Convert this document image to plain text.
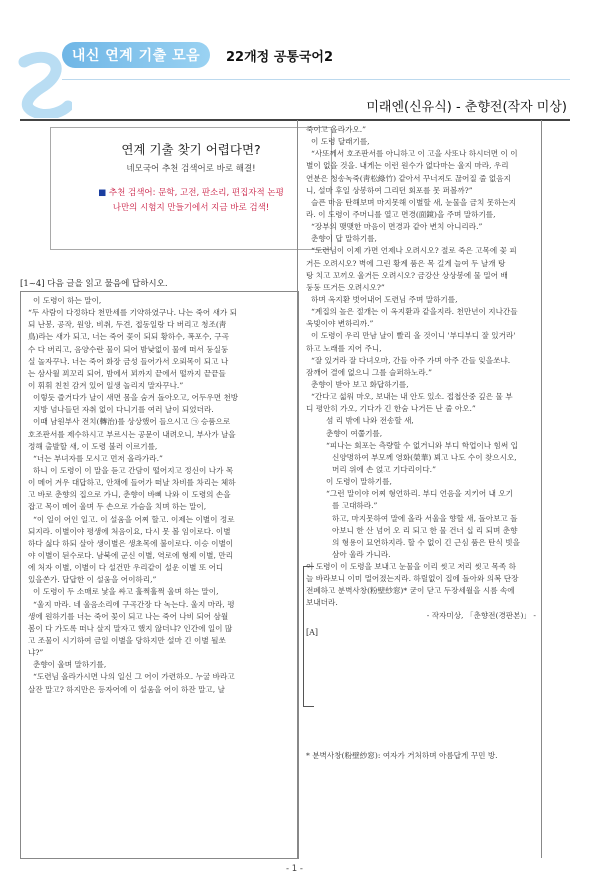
내신 연계 기출 모음	22개정 공통국어2
미래엔(신유식) - 춘향전(작자 미상)
연계 기출 찾기 어렵다면?
네모국어 추천 검색어로 바로 해결!
■ 추천 검색어: 문학, 고전, 판소리, 편집자적 논평
나만의 시험지 만들기에서 지금 바로 검색!
[1~4] 다음 글을 읽고 물음에 답하시오.
이 도령이 하는 말이,
“두 사람이 다정하다 천만세를 기약하였구나. 나는 죽어 새가 되
되 난봉, 공작, 원앙, 비취, 두견, 접동일랑 다 버리고 청조(靑
鳥)라는 새가 되고, 너는 죽어 꽃이 되되 황하수, 폭포수, 구곡
수 다 버리고, 음양수란 물이 되어 밤낮없이 물에 떠서 둥실둥
실 놀자꾸나. 너는 죽어 화장 금성 들어가서 오뢰목이 되고 나
는 삼사월 꾀꼬리 되어, 밤에서 꾀까지 끝에서 떨까지 끝끝들
이 휘휘 친친 감겨 있어 일생 놀리지 말자꾸나.”
이렇듯 즐거다가 날이 새면 몸을 숨겨 돌아오고, 어두우면 천방
지방 넘나들던 자취 없이 다니기를 여러 날이 되었더라.
이때 남원부사 전치(轉治)를 상상했어 들으시고 ㉠ 승품으로
호조판서를 제수하시고 부르시는 공문이 내려오니, 부사가 날을
정해 출발할 새, 이 도령 불러 이르기를,
“너는 부녀자를 모시고 먼저 올라가라.”
하니 이 도령이 이 말을 듣고 간담이 떨어지고 정신이 나가 목
이 메어 겨우 대답하고, 안채에 들어가 떠날 차비를 차리는 체하
고 바로 춘향의 집으로 가니, 춘향이 바삐 나와 이 도령의 손을
잡고 목이 메어 울며 두 손으로 가슴을 치며 하는 말이,
“이 일이 어인 일고. 이 설움을 어찌 할고. 이제는 이별이 정로
되지라. 이별이야 평생에 처음이요, 다시 못 볼 임이로다. 이별
하다 싫다 하되 살아 생이별은 생초목에 불이로다. 이승 이별이
야 이별이 된수로다. 남북에 군신 이별, 역로에 형제 이별, 만리
에 처자 이별, 이별이 다 설건만 우리같이 설운 이별 또 어디
있을쏜가. 답답한 이 설움을 어이하리,”
이 도령이 두 소매로 낯을 싸고 훌쩍훌쩍 울며 하는 말이,
“울지 마라. 네 울음소리에 구곡간장 다 녹는다. 울지 마라, 평
생에 원하기를 너는 죽어 꽃이 되고 나는 죽어 나비 되어 삼월
봄이 다 가도록 떠나 살지 말자고 했지 않더냐? 인간에 일이 많
고 조물이 시기하여 금일 이별을 당하지만 설마 긴 이별 될쏘
냐?”
춘향이 울며 말하기를,
“도련님 올라가시면 나의 일신 그 어이 가련하오. 누굴 바라고
살잔 말고? 하지만은 등자어에 이 설움을 어이 하잔 말고, 날
죽이고 올라가오.”
이 도령 달래기를,
“사또께서 호조판서를 아니하고 이 고을 사또나 하시더면 이 이
별이 없을 것을. 내게는 이런 원수가 없다마는 울지 마라, 우리
연분은 청송녹죽(靑松綠竹) 같아서 꾸너져도 끊어질 줄 없음지
니, 설마 후일 상봉하여 그리던 회포를 못 퍼볼까?”
슬픈 마음 탄해보며 마지못해 이별할 새, 눈물을 금치 못하는지
라. 이 도령이 주머니를 열고 면경(面鏡)을 주며 말하기를,
“장부의 맺맺한 마음이 면경과 같아 변치 아니리라.”
춘향이 답 말하기를,
“도련님이 이제 가면 언제나 오려시오? 절로 죽은 고목에 꽃 피
거든 오려시오? 벽에 그린 황계 품은 목 길게 늘여 두 날개 탕
탕 치고 꼬끼오 울거든 오려시오? 금강산 상상봉에 물 밀어 배
둥둥 뜨거든 오려시오?”
하며 옥지환 벗어내어 도련님 주며 말하기를,
“계집의 높은 절개는 이 옥지환과 같을지라. 천만년이 지나간들
옥빛이야 변하리까.”
이 도령이 우리 만남 날이 빨리 올 것이니 '부디부디 잘 있거라'
하고 노래를 지어 주니,
“잘 있거라 잘 다녀오마, 간들 아주 가며 아주 간들 잊을쏘냐.
잠깨어 결에 없으니 그를 슬퍼하노라.”
춘향이 받아 보고 화답하기를,
“간다고 섧워 마오, 보내는 내 안도 있소. 접첩산중 깊은 물 부
디 평안히 가오, 기다가 긴 한숨 나거든 난 줄 아오.”
섬 리 밖에 나와 전송할 새,
춘향이 여쭙기를,
“피나는 회포는 측량할 수 없거니와 부디 학업이나 힘써 입
신양명하여 부모께 영화(榮華) 뵈고 나도 수이 찾으시오,
머리 위에 손 얹고 기다리이다.”
이 도령이 말하기를,
“그런 말이야 어찌 형언하리. 부디 언음을 지키어 내 오기
를 고대하라.”
하고, 마지못하여 말에 올라 서울을 향할 새, 돌아보고 돌
아보니 한 산 넘어 오 리 되고 한 물 건너 십 리 되며 춘향
의 형용이 묘연하지라. 할 수 없이 긴 근심 품은 탄식 빗을
삼아 울라 가니라.
이 도령이 이 도령을 보내고 눈물을 이리 씻고 저리 씻고 목족 하
늘 바라보니 이미 멀어졌는지라. 하릴없이 집에 돌아와 의복 단장
전폐하고 분벽사창(粉壁紗窓)* 굳이 닫고 두장세월을 시름 속에
보내더라.
- 작자미상, 「춘향전(경판본)」 -
[A]
* 분벽사창(粉壁紗窓): 여자가 거처하며 아름답게 꾸민 방.
- 1 -
